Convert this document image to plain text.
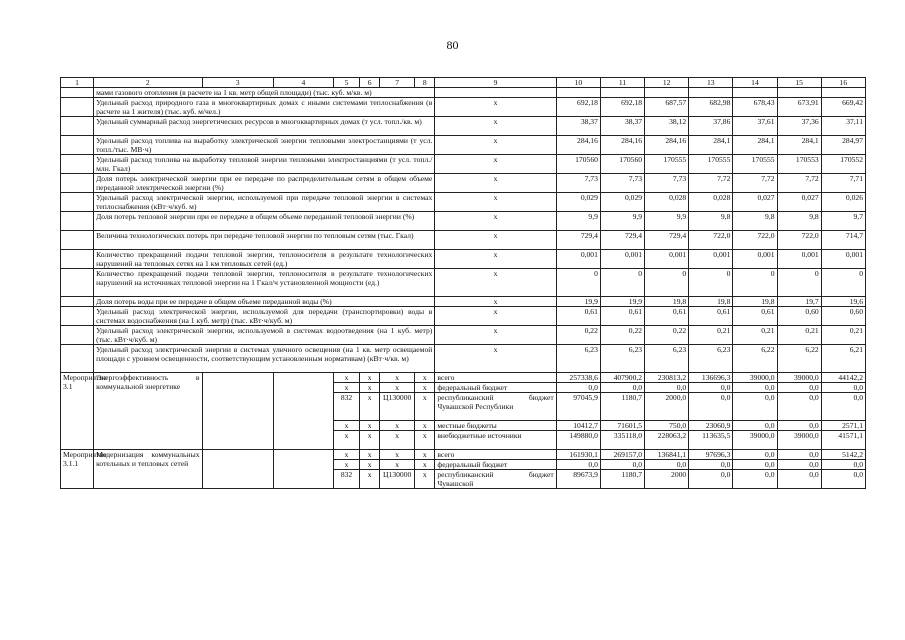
80
1	2	3	4	5	6	7	8	9	10	11	12	13	14	15	16
	мами газового отопления (в расчете на 1 кв. метр общей площади) (тыс. куб. м/кв. м)														
	Удельный расход природного газа в многоквартирных домах с иными системами теплоснабжения (в расчете на 1 жителя) (тыс. куб. м/чел.)							x	692,18	692,18	687,57	682,98	678,43	673,91	669,42
	Удельный суммарный расход энергетических ресурсов в многоквартирных домах (т усл. топл./кв. м)							x	38,37	38,37	38,12	37,86	37,61	37,36	37,11
	Удельный расход топлива на выработку электрической энергии тепловыми электростанциями (т усл. топл./тыс. МВ·ч)							x	284,16	284,16	284,16	284,1	284,1	284,1	284,97
	Удельный расход топлива на выработку тепловой энергии тепловыми электростанциями (т усл. топл./млн. Гкал)							x	170560	170560	170555	170555	170555	170553	170552
	Доля потерь электрической энергии при ее передаче по распределительным сетям в общем объеме переданной электрической энергии (%)							x	7,73	7,73	7,73	7,72	7,72	7,72	7,71
	Удельный расход электрической энергии, используемой при передаче тепловой энергии в системах теплоснабжения (кВт·ч/куб. м)							x	0,029	0,029	0,028	0,028	0,027	0,027	0,026
	Доля потерь тепловой энергии при ее передаче в общем объеме переданной тепловой энергии (%)							x	9,9	9,9	9,9	9,8	9,8	9,8	9,7
	Величина технологических потерь при передаче тепловой энергии по тепловым сетям (тыс. Гкал)							x	729,4	729,4	729,4	722,0	722,0	722,0	714,7
	Количество прекращений подачи тепловой энергии, теплоносителя в результате технологических нарушений на тепловых сетях на 1 км тепловых сетей (ед.)							x	0,001	0,001	0,001	0,001	0,001	0,001	0,001
	Количество прекращений подачи тепловой энергии, теплоносителя в результате технологических нарушений на источниках тепловой энергии на 1 Гкал/ч установленной мощности (ед.)							x	0	0	0	0	0	0	0
	Доля потерь воды при ее передаче в общем объеме переданной воды (%)							x	19,9	19,9	19,8	19,8	19,8	19,7	19,6
	Удельный расход электрической энергии, используемой для передачи (транспортировки) воды в системах водоснабжения (на 1 куб. метр) (тыс. кВт·ч/куб. м)							x	0,61	0,61	0,61	0,61	0,61	0,60	0,60
	Удельный расход электрической энергии, используемой в системах водоотведения (на 1 куб. метр) (тыс. кВт·ч/куб. м)							x	0,22	0,22	0,22	0,21	0,21	0,21	0,21
	Удельный расход электрической энергии в системах уличного освещения (на 1 кв. метр освещаемой площади с уровнем освещенности, соответствующим установленным нормативам) (кВт·ч/кв. м)							x	6,23	6,23	6,23	6,23	6,22	6,22	6,21
Мероприятие 3.1	Энергоэффективность в коммунальной энергетике			x	x	x	x	всего	257338,6	407900,2	230813,2	136696,3	39000,0	39000,0	44142,2
				x	x	x	x	федеральный бюджет	0,0	0,0	0,0	0,0	0,0	0,0	0,0
				832	x	Ц130000	x	республиканский бюджет Чувашской Республики	97045,9	1180,7	2000,0	0,0	0,0	0,0	0,0
				x	x	x	x	местные бюджеты	10412,7	71601,5	750,0	23060,9	0,0	0,0	2571,1
				x	x	x	x	внебюджетные источники	149880,0	335118,0	228063,2	113635,5	39000,0	39000,0	41571,1
Мероприятие 3.1.1	Модернизация коммунальных котельных и тепловых сетей			x	x	x	x	всего	161930,1	269157,0	136841,1	97696,3	0,0	0,0	5142,2
				x	x	x	x	федеральный бюджет	0,0	0,0	0,0	0,0	0,0	0,0	0,0
				832	x	Ц130000	x	республиканский бюджет Чувашской	89673,9	1180,7	2000	0,0	0,0	0,0	0,0
